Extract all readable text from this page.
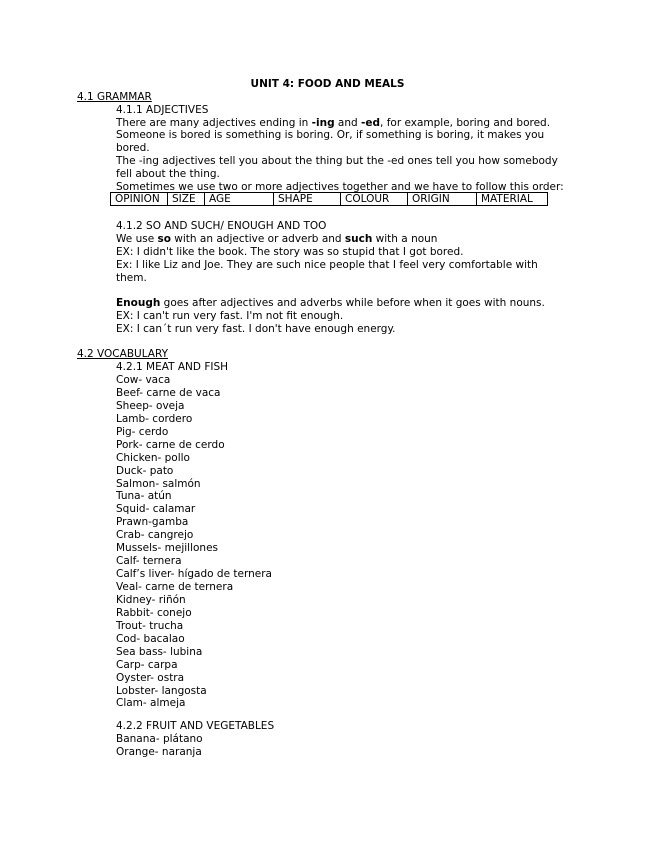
UNIT 4: FOOD AND MEALS
4.1 GRAMMAR
4.1.1 ADJECTIVES
There are many adjectives ending in -ing and -ed, for example, boring and bored.
Someone is bored is something is boring. Or, if something is boring, it makes you bored.
The -ing adjectives tell you about the thing but the -ed ones tell you how somebody fell about the thing.
Sometimes we use two or more adjectives together and we have to follow this order:
OPINION	SIZE	AGE	SHAPE	COLOUR	ORIGIN	MATERIAL
4.1.2 SO AND SUCH/ ENOUGH AND TOO
We use so with an adjective or adverb and such with a noun
EX: I didn't like the book. The story was so stupid that I got bored.
Ex: I like Liz and Joe. They are such nice people that I feel very comfortable with them.
Enough goes after adjectives and adverbs while before when it goes with nouns.
EX: I can't run very fast. I'm not fit enough.
EX: I can´t run very fast. I don't have enough energy.
4.2 VOCABULARY
4.2.1 MEAT AND FISH
Cow- vaca
Beef- carne de vaca
Sheep- oveja
Lamb- cordero
Pig- cerdo
Pork- carne de cerdo
Chicken- pollo
Duck- pato
Salmon- salmón
Tuna- atún
Squid- calamar
Prawn-gamba
Crab- cangrejo
Mussels- mejillones
Calf- ternera
Calf’s liver- hígado de ternera
Veal- carne de ternera
Kidney- riñón
Rabbit- conejo
Trout- trucha
Cod- bacalao
Sea bass- lubina
Carp- carpa
Oyster- ostra
Lobster- langosta
Clam- almeja
4.2.2 FRUIT AND VEGETABLES
Banana- plátano
Orange- naranja
